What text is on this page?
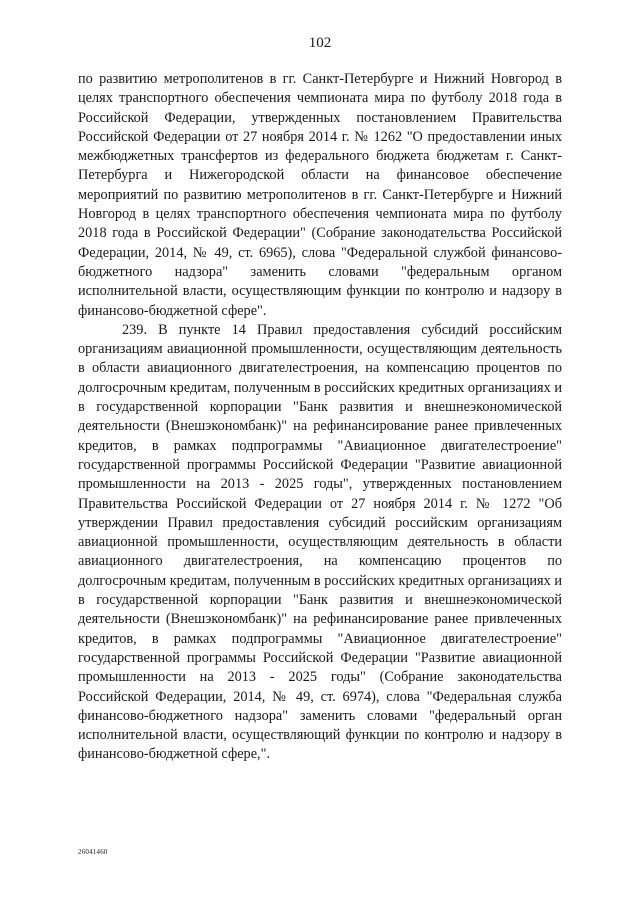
102

по развитию метрополитенов в гг. Санкт-Петербурге и Нижний Новгород в целях транспортного обеспечения чемпионата мира по футболу 2018 года в Российской Федерации, утвержденных постановлением Правительства Российской Федерации от 27 ноября 2014 г. № 1262 "О предоставлении иных межбюджетных трансфертов из федерального бюджета бюджетам г. Санкт-Петербурга и Нижегородской области на финансовое обеспечение мероприятий по развитию метрополитенов в гг. Санкт-Петербурге и Нижний Новгород в целях транспортного обеспечения чемпионата мира по футболу 2018 года в Российской Федерации" (Собрание законодательства Российской Федерации, 2014, № 49, ст. 6965), слова "Федеральной службой финансово-бюджетного надзора" заменить словами "федеральным органом исполнительной власти, осуществляющим функции по контролю и надзору в финансово-бюджетной сфере".

239. В пункте 14 Правил предоставления субсидий российским организациям авиационной промышленности, осуществляющим деятельность в области авиационного двигателестроения, на компенсацию процентов по долгосрочным кредитам, полученным в российских кредитных организациях и в государственной корпорации "Банк развития и внешнеэкономической деятельности (Внешэкономбанк)" на рефинансирование ранее привлеченных кредитов, в рамках подпрограммы "Авиационное двигателестроение" государственной программы Российской Федерации "Развитие авиационной промышленности на 2013 - 2025 годы", утвержденных постановлением Правительства Российской Федерации от 27 ноября 2014 г. № 1272 "Об утверждении Правил предоставления субсидий российским организациям авиационной промышленности, осуществляющим деятельность в области авиационного двигателестроения, на компенсацию процентов по долгосрочным кредитам, полученным в российских кредитных организациях и в государственной корпорации "Банк развития и внешнеэкономической деятельности (Внешэкономбанк)" на рефинансирование ранее привлеченных кредитов, в рамках подпрограммы "Авиационное двигателестроение" государственной программы Российской Федерации "Развитие авиационной промышленности на 2013 - 2025 годы" (Собрание законодательства Российской Федерации, 2014, № 49, ст. 6974), слова "Федеральная служба финансово-бюджетного надзора" заменить словами "федеральный орган исполнительной власти, осуществляющий функции по контролю и надзору в финансово-бюджетной сфере,".

26041460
